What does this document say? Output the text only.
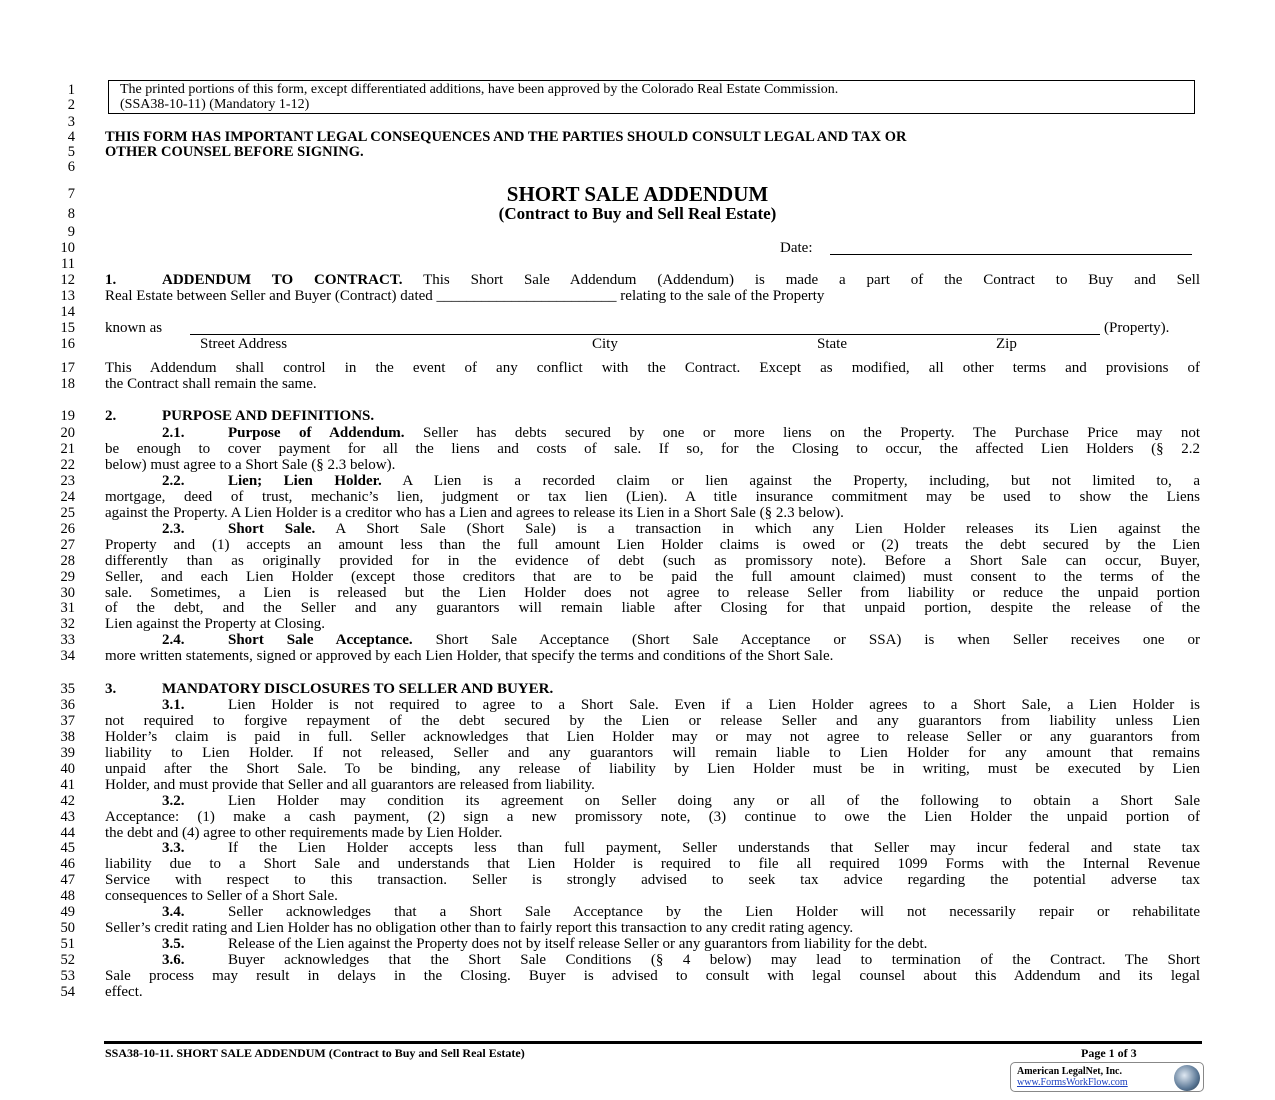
1
2
3
4
5
6
7
8
9
10
11
12
13
14
15
16
17
18
19
20
21
22
23
24
25
26
27
28
29
30
31
32
33
34
35
36
37
38
39
40
41
42
43
44
45
46
47
48
49
50
51
52
53
54
The printed portions of this form, except differentiated additions, have been approved by the Colorado Real Estate Commission.
(SSA38-10-11) (Mandatory 1-12)
THIS FORM HAS IMPORTANT LEGAL CONSEQUENCES AND THE PARTIES SHOULD CONSULT LEGAL AND TAX OR
OTHER COUNSEL BEFORE SIGNING.
SHORT SALE ADDENDUM
(Contract to Buy and Sell Real Estate)
Date:
known as	(Property).
Street Address	City	State	Zip
1.	ADDENDUM TO CONTRACT. This Short Sale Addendum (Addendum) is made a part of the Contract to Buy and Sell
Real Estate between Seller and Buyer (Contract) dated ________________________ relating to the sale of the Property
This Addendum shall control in the event of any conflict with the Contract. Except as modified, all other terms and provisions of
the Contract shall remain the same.
2.	PURPOSE AND DEFINITIONS.
2.1.	Purpose of Addendum. Seller has debts secured by one or more liens on the Property. The Purchase Price may not
be enough to cover payment for all the liens and costs of sale. If so, for the Closing to occur, the affected Lien Holders (§ 2.2
below) must agree to a Short Sale (§ 2.3 below).
2.2.	Lien; Lien Holder. A Lien is a recorded claim or lien against the Property, including, but not limited to, a
mortgage, deed of trust, mechanic’s lien, judgment or tax lien (Lien). A title insurance commitment may be used to show the Liens
against the Property. A Lien Holder is a creditor who has a Lien and agrees to release its Lien in a Short Sale (§ 2.3 below).
2.3.	Short Sale. A Short Sale (Short Sale) is a transaction in which any Lien Holder releases its Lien against the
Property and (1) accepts an amount less than the full amount Lien Holder claims is owed or (2) treats the debt secured by the Lien
differently than as originally provided for in the evidence of debt (such as promissory note). Before a Short Sale can occur, Buyer,
Seller, and each Lien Holder (except those creditors that are to be paid the full amount claimed) must consent to the terms of the
sale. Sometimes, a Lien is released but the Lien Holder does not agree to release Seller from liability or reduce the unpaid portion
of the debt, and the Seller and any guarantors will remain liable after Closing for that unpaid portion, despite the release of the
Lien against the Property at Closing.
2.4.	Short Sale Acceptance. Short Sale Acceptance (Short Sale Acceptance or SSA) is when Seller receives one or
more written statements, signed or approved by each Lien Holder, that specify the terms and conditions of the Short Sale.
3.	MANDATORY DISCLOSURES TO SELLER AND BUYER.
3.1.	Lien Holder is not required to agree to a Short Sale. Even if a Lien Holder agrees to a Short Sale, a Lien Holder is
not required to forgive repayment of the debt secured by the Lien or release Seller and any guarantors from liability unless Lien
Holder’s claim is paid in full. Seller acknowledges that Lien Holder may or may not agree to release Seller or any guarantors from
liability to Lien Holder. If not released, Seller and any guarantors will remain liable to Lien Holder for any amount that remains
unpaid after the Short Sale. To be binding, any release of liability by Lien Holder must be in writing, must be executed by Lien
Holder, and must provide that Seller and all guarantors are released from liability.
3.2.	Lien Holder may condition its agreement on Seller doing any or all of the following to obtain a Short Sale
Acceptance: (1) make a cash payment, (2) sign a new promissory note, (3) continue to owe the Lien Holder the unpaid portion of
the debt and (4) agree to other requirements made by Lien Holder.
3.3.	If the Lien Holder accepts less than full payment, Seller understands that Seller may incur federal and state tax
liability due to a Short Sale and understands that Lien Holder is required to file all required 1099 Forms with the Internal Revenue
Service with respect to this transaction. Seller is strongly advised to seek tax advice regarding the potential adverse tax
consequences to Seller of a Short Sale.
3.4.	Seller acknowledges that a Short Sale Acceptance by the Lien Holder will not necessarily repair or rehabilitate
Seller’s credit rating and Lien Holder has no obligation other than to fairly report this transaction to any credit rating agency.
3.5.	Release of the Lien against the Property does not by itself release Seller or any guarantors from liability for the debt.
3.6.	Buyer acknowledges that the Short Sale Conditions (§ 4 below) may lead to termination of the Contract. The Short
Sale process may result in delays in the Closing. Buyer is advised to consult with legal counsel about this Addendum and its legal
effect.
SSA38-10-11. SHORT SALE ADDENDUM (Contract to Buy and Sell Real Estate)	Page 1 of 3
American LegalNet, Inc.
www.FormsWorkFlow.com
